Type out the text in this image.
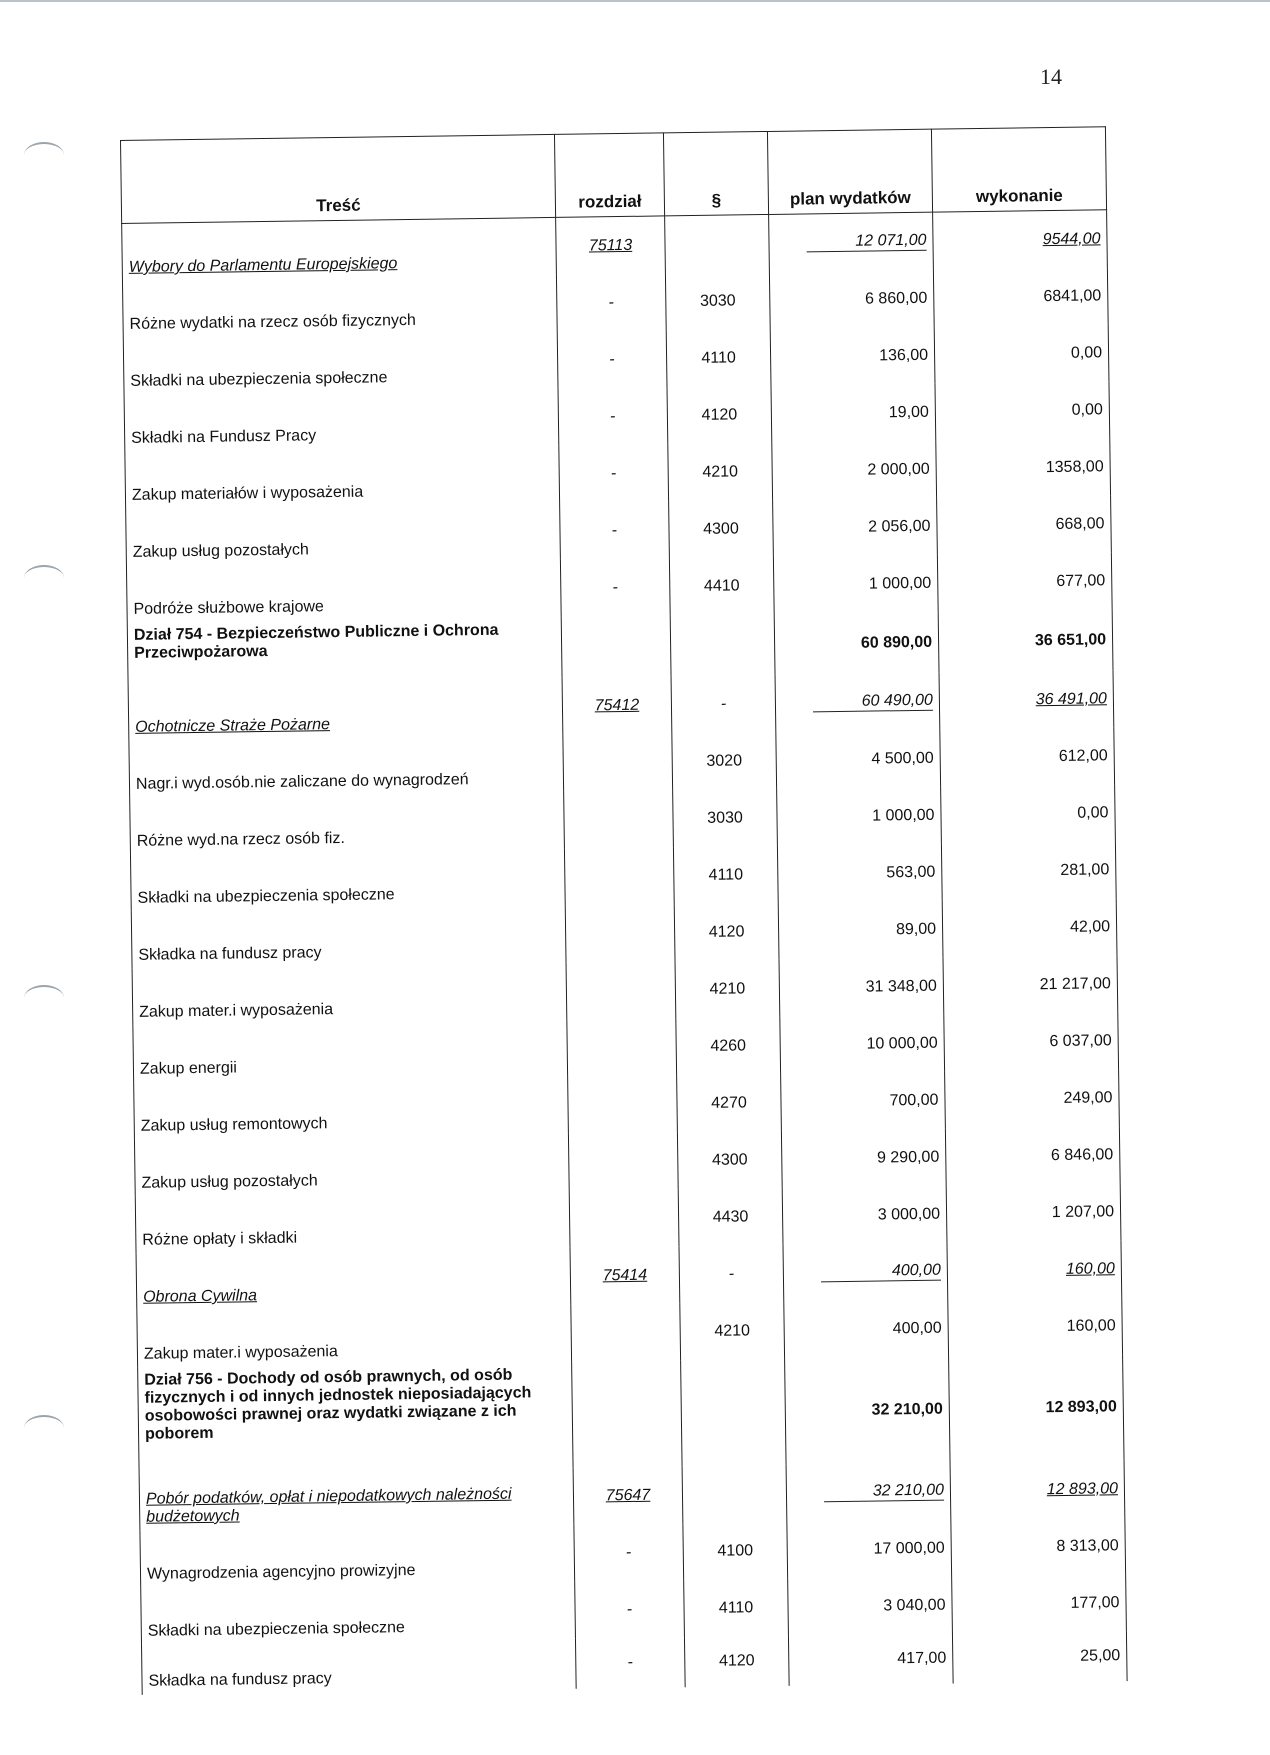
14
Treść	rozdział	§	plan wydatków	wykonanie
Wybory do Parlamentu Europejskiego	75113		12 071,00	9544,00
Różne wydatki na rzecz osób fizycznych	-	3030	6 860,00	6841,00
Składki na ubezpieczenia społeczne	-	4110	136,00	0,00
Składki na Fundusz Pracy	-	4120	19,00	0,00
Zakup materiałów i wyposażenia	-	4210	2 000,00	1358,00
Zakup usług pozostałych	-	4300	2 056,00	668,00
Podróże służbowe krajowe	-	4410	1 000,00	677,00
Dział 754 - Bezpieczeństwo Publiczne i Ochrona Przeciwpożarowa			60 890,00	36 651,00
Ochotnicze Straże Pożarne	75412	-	60 490,00	36 491,00
Nagr.i wyd.osób.nie zaliczane do wynagrodzeń		3020	4 500,00	612,00
Różne wyd.na rzecz osób fiz.		3030	1 000,00	0,00
Składki na ubezpieczenia społeczne		4110	563,00	281,00
Składka na fundusz pracy		4120	89,00	42,00
Zakup mater.i wyposażenia		4210	31 348,00	21 217,00
Zakup energii		4260	10 000,00	6 037,00
Zakup usług remontowych		4270	700,00	249,00
Zakup usług pozostałych		4300	9 290,00	6 846,00
Różne opłaty i składki		4430	3 000,00	1 207,00
Obrona Cywilna	75414	-	400,00	160,00
Zakup mater.i wyposażenia		4210	400,00	160,00
Dział 756 - Dochody od osób prawnych, od osób fizycznych i od innych jednostek nieposiadających osobowości prawnej oraz wydatki związane z ich poborem			32 210,00	12 893,00
Pobór podatków, opłat i niepodatkowych należności budżetowych	75647		32 210,00	12 893,00
Wynagrodzenia agencyjno prowizyjne	-	4100	17 000,00	8 313,00
Składki na ubezpieczenia społeczne	-	4110	3 040,00	177,00
Składka na fundusz pracy	-	4120	417,00	25,00
